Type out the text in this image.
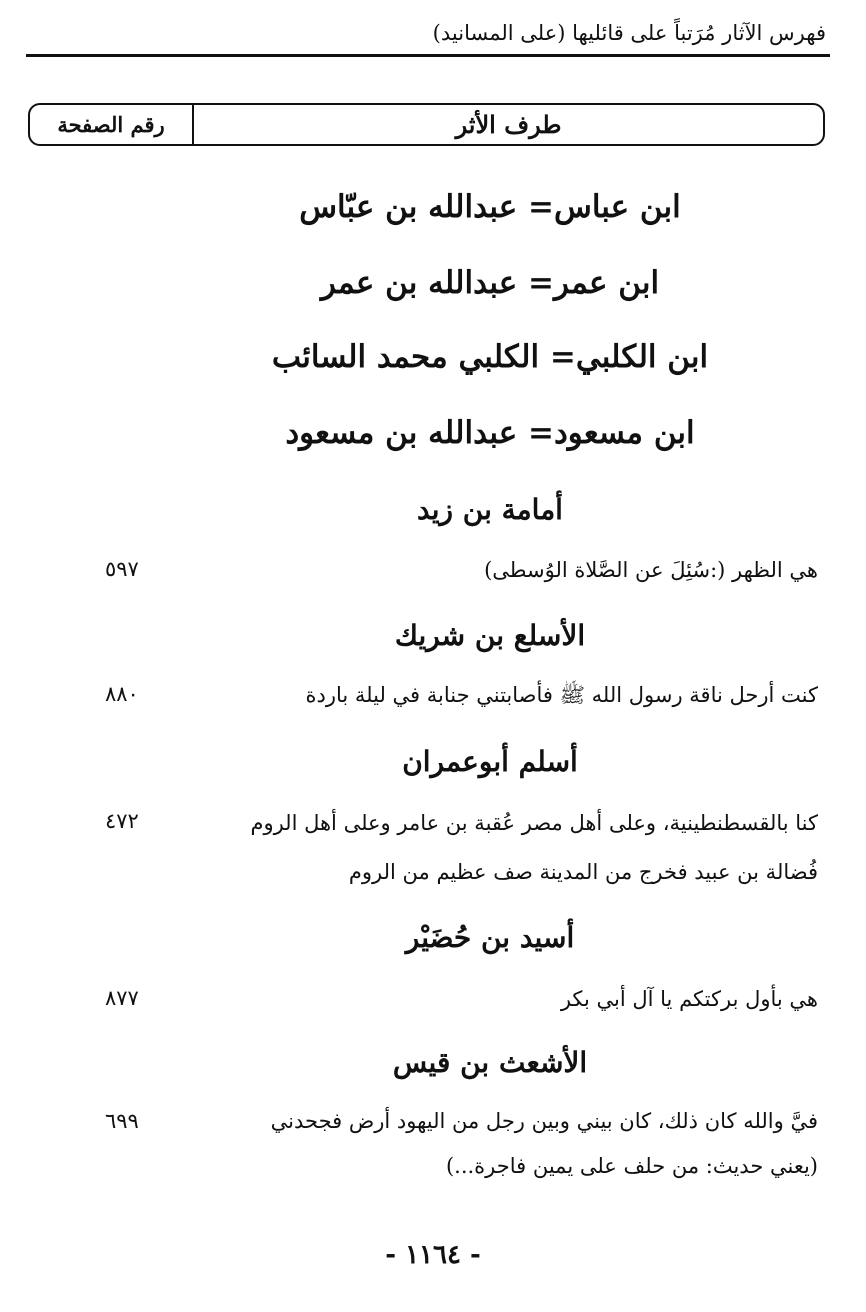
فهرس الآثار مُرَتباً على قائليها (على المسانيد)
طرف الأثر
رقم الصفحة
ابن عباس= عبدالله بن عبّاس
ابن عمر= عبدالله بن عمر
ابن الكلبي= الكلبي محمد السائب
ابن مسعود= عبدالله بن مسعود
أمامة بن زيد
هي الظهر (:سُئِلَ عن الصَّلاة الوُسطى)
٥٩٧
الأسلع بن شريك
كنت أرحل ناقة رسول الله ﷺ فأصابتني جنابة في ليلة باردة
٨٨٠
أسلم أبوعمران
كنا بالقسطنطينية، وعلى أهل مصر عُقبة بن عامر وعلى أهل الروم
فُضالة بن عبيد فخرج من المدينة صف عظيم من الروم
٤٧٢
أسيد بن حُضَيْر
هي بأول بركتكم يا آل أبي بكر
٨٧٧
الأشعث بن قيس
فيَّ والله كان ذلك، كان بيني وبين رجل من اليهود أرض فجحدني
(يعني حديث: من حلف على يمين فاجرة...)
٦٩٩
- ١١٦٤ -
